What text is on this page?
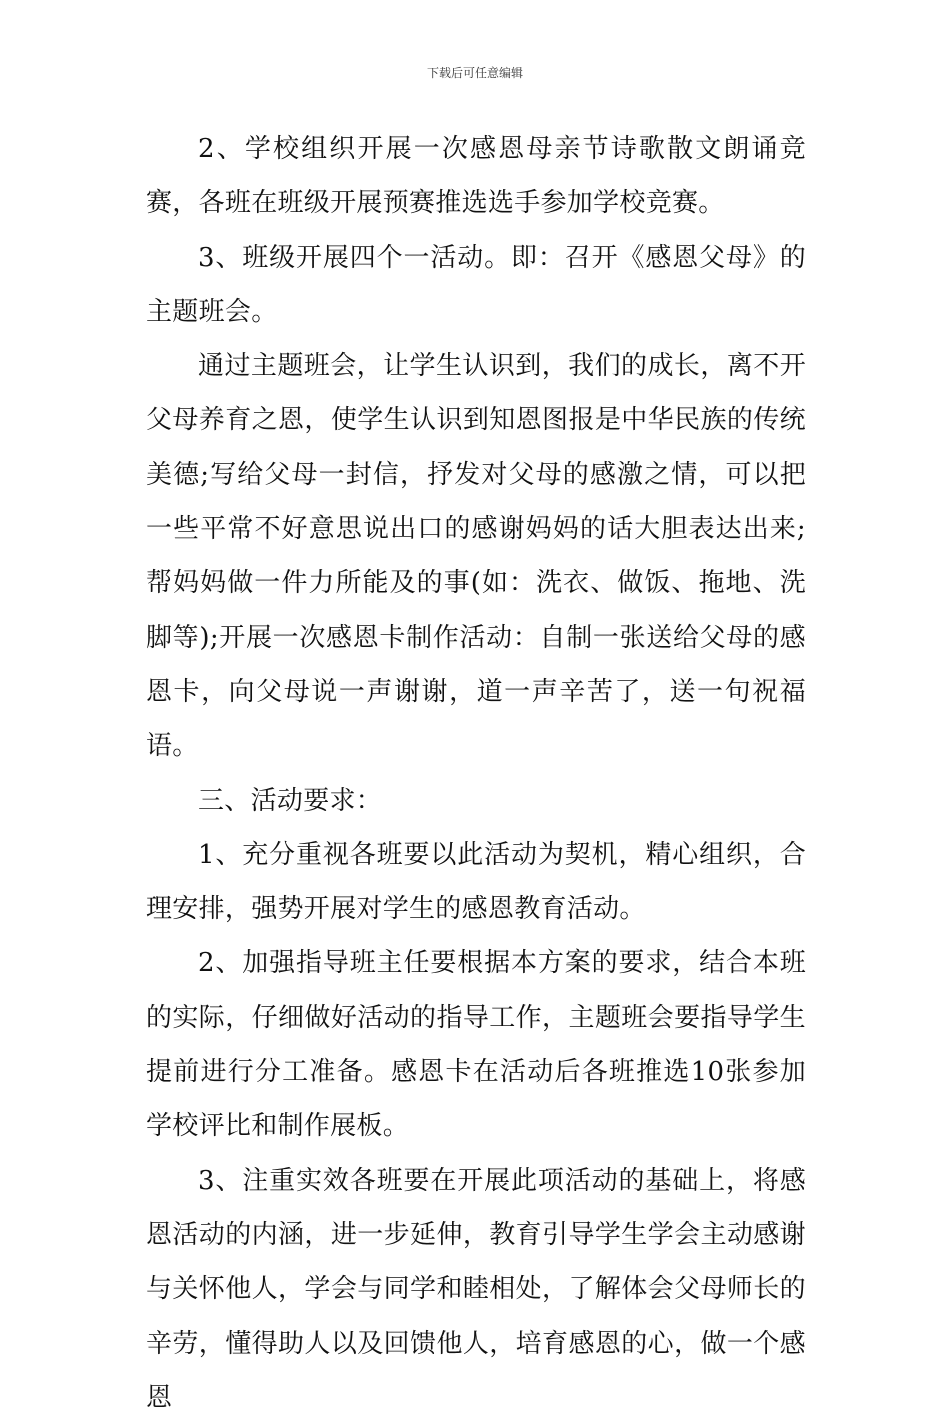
下载后可任意编辑

2、学校组织开展一次感恩母亲节诗歌散文朗诵竞赛，各班在班级开展预赛推选选手参加学校竞赛。

3、班级开展四个一活动。即：召开《感恩父母》的主题班会。

通过主题班会，让学生认识到，我们的成长，离不开父母养育之恩，使学生认识到知恩图报是中华民族的传统美德;写给父母一封信，抒发对父母的感激之情，可以把一些平常不好意思说出口的感谢妈妈的话大胆表达出来;帮妈妈做一件力所能及的事(如：洗衣、做饭、拖地、洗脚等);开展一次感恩卡制作活动：自制一张送给父母的感恩卡，向父母说一声谢谢，道一声辛苦了，送一句祝福语。

三、活动要求：

1、充分重视各班要以此活动为契机，精心组织，合理安排，强势开展对学生的感恩教育活动。

2、加强指导班主任要根据本方案的要求，结合本班的实际，仔细做好活动的指导工作，主题班会要指导学生提前进行分工准备。感恩卡在活动后各班推选10张参加学校评比和制作展板。

3、注重实效各班要在开展此项活动的基础上，将感恩活动的内涵，进一步延伸，教育引导学生学会主动感谢与关怀他人，学会与同学和睦相处，了解体会父母师长的辛劳，懂得助人以及回馈他人，培育感恩的心，做一个感恩
